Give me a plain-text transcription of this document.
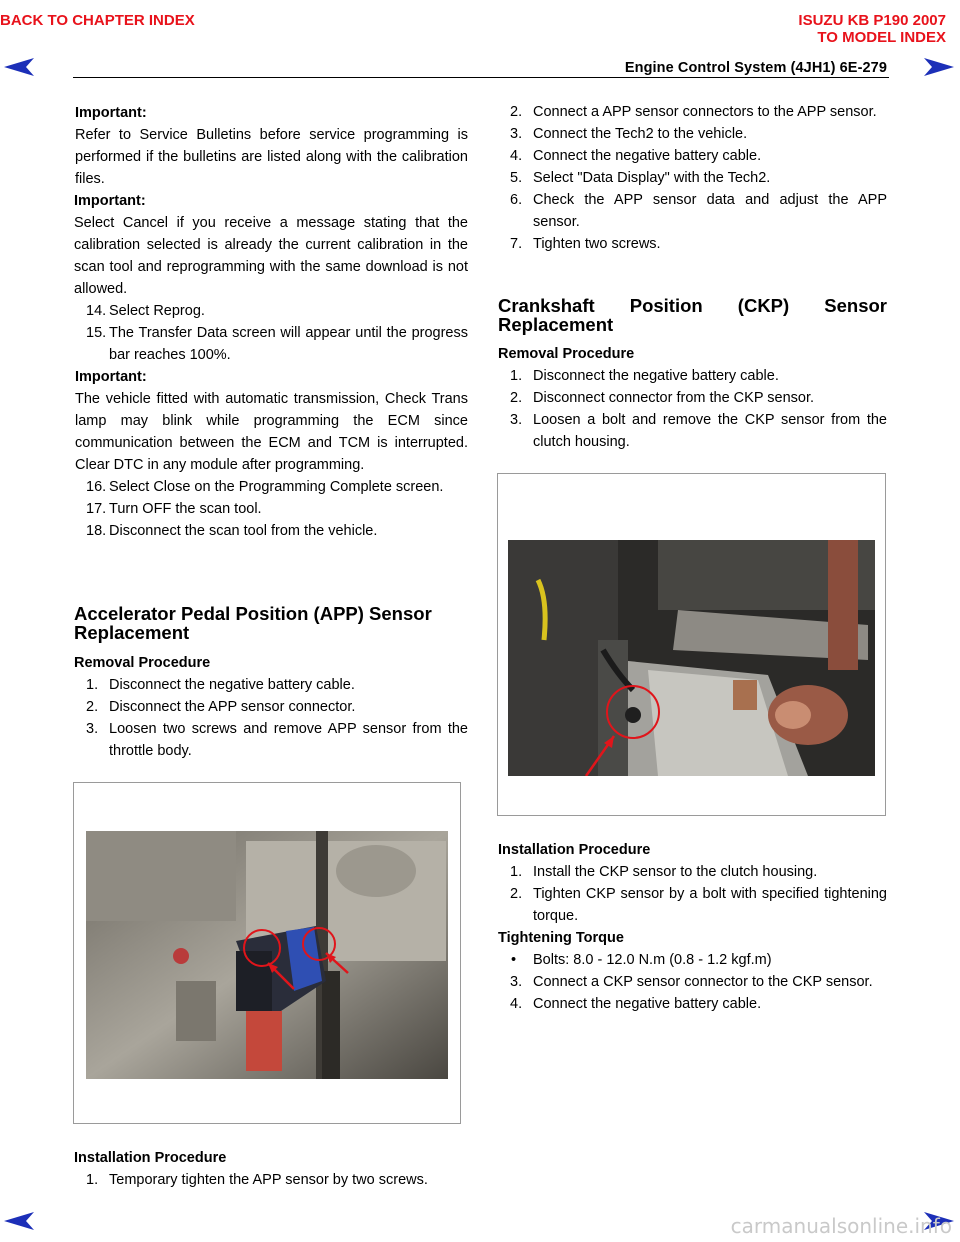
BACK TO CHAPTER INDEX	ISUZU KB P190 2007
TO MODEL INDEX
Engine Control System (4JH1) 6E-279

Important:

Refer to Service Bulletins before service programming is performed if the bulletins are listed along with the calibration files.

Important:

Select Cancel if you receive a message stating that the calibration selected is already the current calibration in the scan tool and reprogramming with the same download is not allowed.

14. Select Reprog.
15. The Transfer Data screen will appear until the progress bar reaches 100%.

Important:

The vehicle fitted with automatic transmission, Check Trans lamp may blink while programming the ECM since communication between the ECM and TCM is interrupted. Clear DTC in any module after programming.

16. Select Close on the Programming Complete screen.
17. Turn OFF the scan tool.
18. Disconnect the scan tool from the vehicle.

Accelerator Pedal Position (APP) Sensor Replacement

Removal Procedure

1. Disconnect the negative battery cable.
2. Disconnect the APP sensor connector.
3. Loosen two screws and remove APP sensor from the throttle body.

Installation Procedure

1. Temporary tighten the APP sensor by two screws.
2. Connect a APP sensor connectors to the APP sensor.
3. Connect the Tech2 to the vehicle.
4. Connect the negative battery cable.
5. Select "Data Display" with the Tech2.
6. Check the APP sensor data and adjust the APP sensor.
7. Tighten two screws.

Crankshaft Position (CKP) Sensor Replacement

Removal Procedure

1. Disconnect the negative battery cable.
2. Disconnect connector from the CKP sensor.
3. Loosen a bolt and remove the CKP sensor from the clutch housing.

Installation Procedure

1. Install the CKP sensor to the clutch housing.
2. Tighten CKP sensor by a bolt with specified tightening torque.

Tightening Torque

• Bolts: 8.0 - 12.0 N.m (0.8 - 1.2 kgf.m)
3. Connect a CKP sensor connector to the CKP sensor.
4. Connect the negative battery cable.
carmanualsonline.info
